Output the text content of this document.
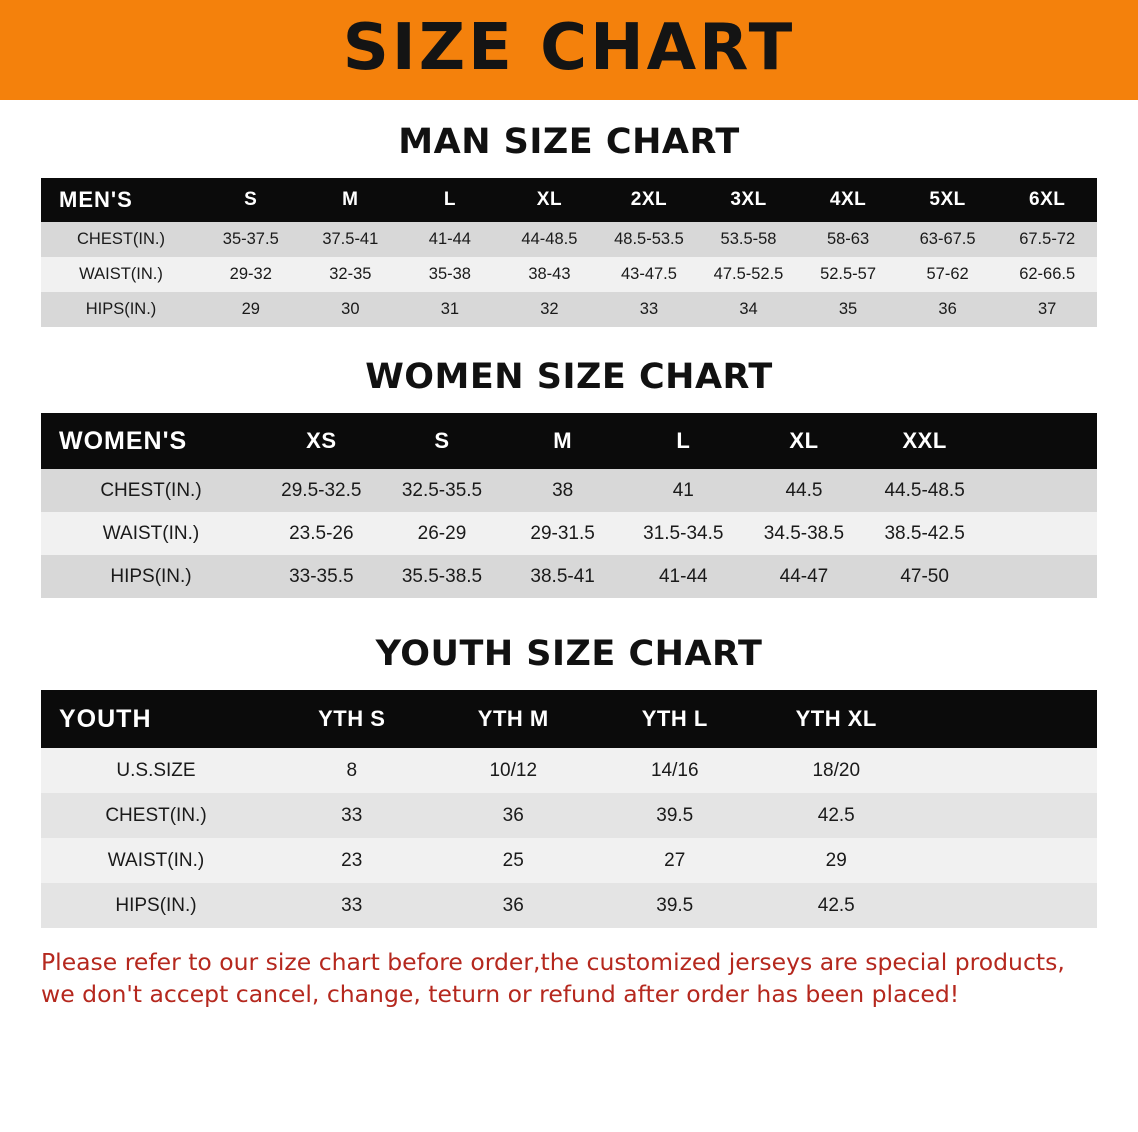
SIZE CHART
MAN SIZE CHART
MEN'S	S	M	L	XL	2XL	3XL	4XL	5XL	6XL
CHEST(IN.)	35-37.5	37.5-41	41-44	44-48.5	48.5-53.5	53.5-58	58-63	63-67.5	67.5-72
WAIST(IN.)	29-32	32-35	35-38	38-43	43-47.5	47.5-52.5	52.5-57	57-62	62-66.5
HIPS(IN.)	29	30	31	32	33	34	35	36	37
WOMEN SIZE CHART
WOMEN'S	XS	S	M	L	XL	XXL	
CHEST(IN.)	29.5-32.5	32.5-35.5	38	41	44.5	44.5-48.5	
WAIST(IN.)	23.5-26	26-29	29-31.5	31.5-34.5	34.5-38.5	38.5-42.5	
HIPS(IN.)	33-35.5	35.5-38.5	38.5-41	41-44	44-47	47-50	
YOUTH SIZE CHART
YOUTH	YTH S	YTH M	YTH L	YTH XL	
U.S.SIZE	8	10/12	14/16	18/20	
CHEST(IN.)	33	36	39.5	42.5	
WAIST(IN.)	23	25	27	29	
HIPS(IN.)	33	36	39.5	42.5	
Please refer to our size chart before order,the customized jerseys are special products,
we don't accept cancel, change, teturn or refund after order has been placed!
